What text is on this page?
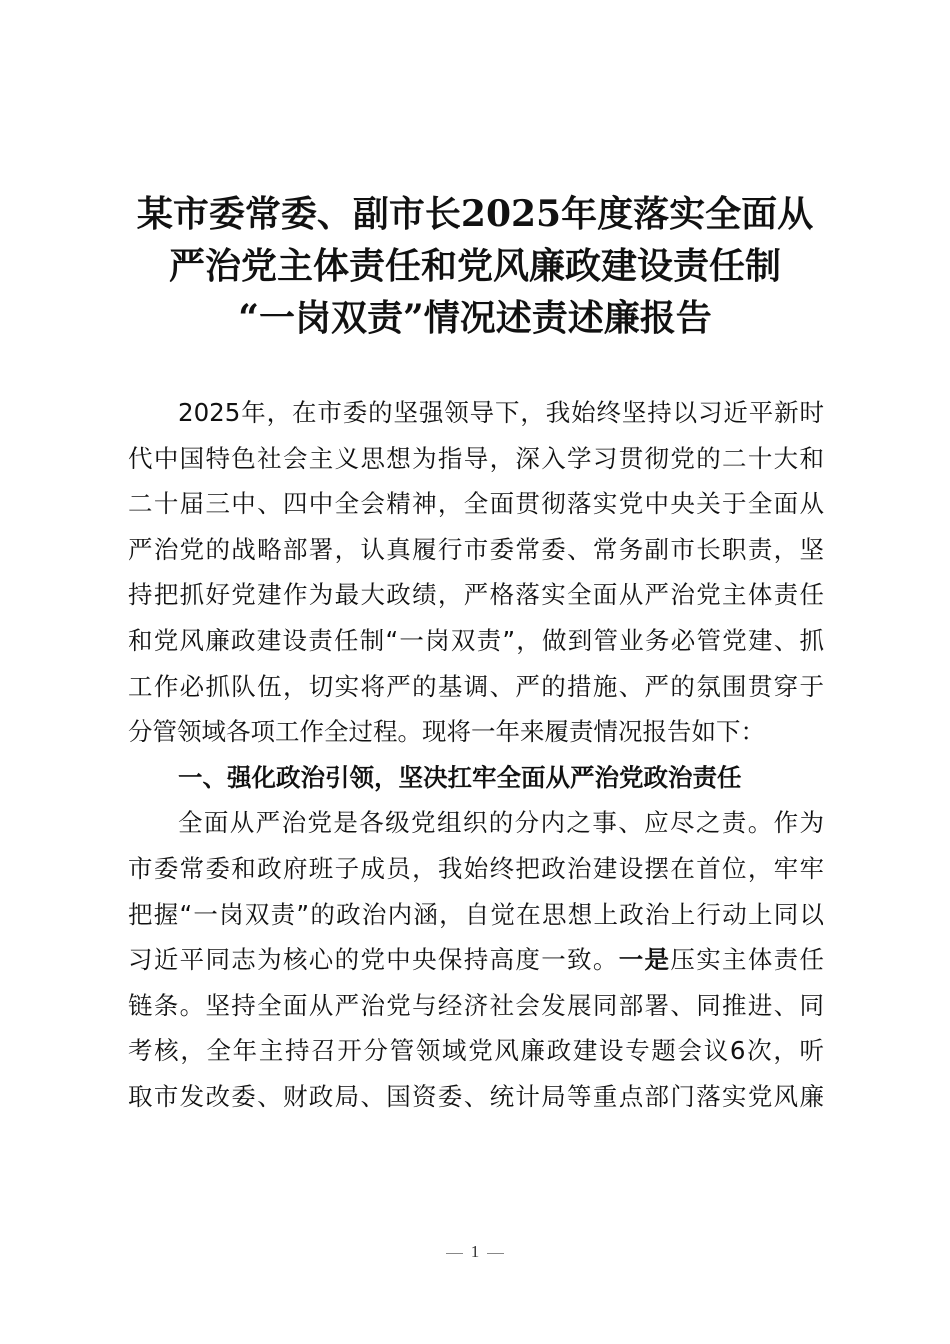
某市委常委、副市长2025年度落实全面从
严治党主体责任和党风廉政建设责任制
“一岗双责”情况述责述廉报告
2025年，在市委的坚强领导下，我始终坚持以习近平新时
代中国特色社会主义思想为指导，深入学习贯彻党的二十大和
二十届三中、四中全会精神，全面贯彻落实党中央关于全面从
严治党的战略部署，认真履行市委常委、常务副市长职责，坚
持把抓好党建作为最大政绩，严格落实全面从严治党主体责任
和党风廉政建设责任制“一岗双责”，做到管业务必管党建、抓
工作必抓队伍，切实将严的基调、严的措施、严的氛围贯穿于
分管领域各项工作全过程。现将一年来履责情况报告如下：
一、强化政治引领，坚决扛牢全面从严治党政治责任
全面从严治党是各级党组织的分内之事、应尽之责。作为
市委常委和政府班子成员，我始终把政治建设摆在首位，牢牢
把握“一岗双责”的政治内涵，自觉在思想上政治上行动上同以
习近平同志为核心的党中央保持高度一致。一是压实主体责任
链条。坚持全面从严治党与经济社会发展同部署、同推进、同
考核，全年主持召开分管领域党风廉政建设专题会议6次，听
取市发改委、财政局、国资委、统计局等重点部门落实党风廉
1
